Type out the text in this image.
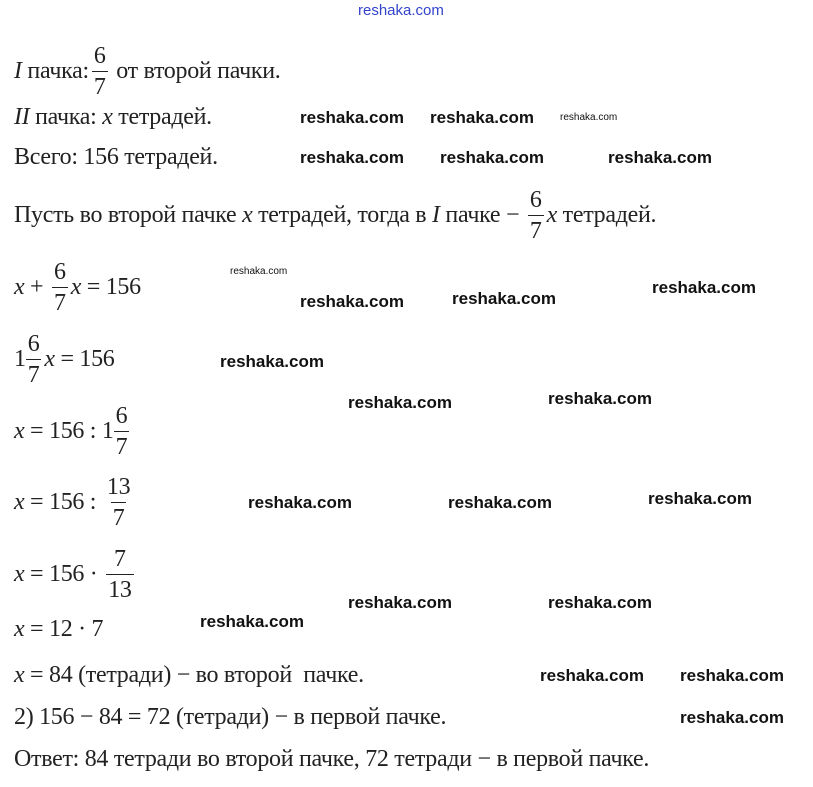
reshaka.com
I пачка: $\frac{6}{7}$ от второй пачки.
II пачка: x тетрадей.
Всего: 156 тетрадей.
Пусть во второй пачке x тетрадей, тогда в I пачке − $\frac{6}{7}$ x тетрадей.
$x + \frac{6}{7}$ x = 156
$1 \frac{6}{7}$ x = 156
x = 156 : $1 \frac{6}{7}$
x = 156 : $\frac{13}{7}$
$x = 156 \cdot \frac{7}{13}$
x = 12 · 7
x = 84 (тетради) − во второй  пачке.
2) 156 − 84 = 72 (тетради) − в первой пачке.
Ответ: 84 тетради во второй пачке, 72 тетради − в первой пачке.
reshaka.com reshaka.com	reshaka.com
reshaka.com
reshaka.com reshaka.com
reshaka.com
reshaka.com
reshaka.com	reshaka.com
reshaka.com
reshaka.com	reshaka.com
reshaka.com	reshaka.com	reshaka.com
reshaka.com
reshaka.com	reshaka.com
reshaka.com
reshaka.com
reshaka.com
